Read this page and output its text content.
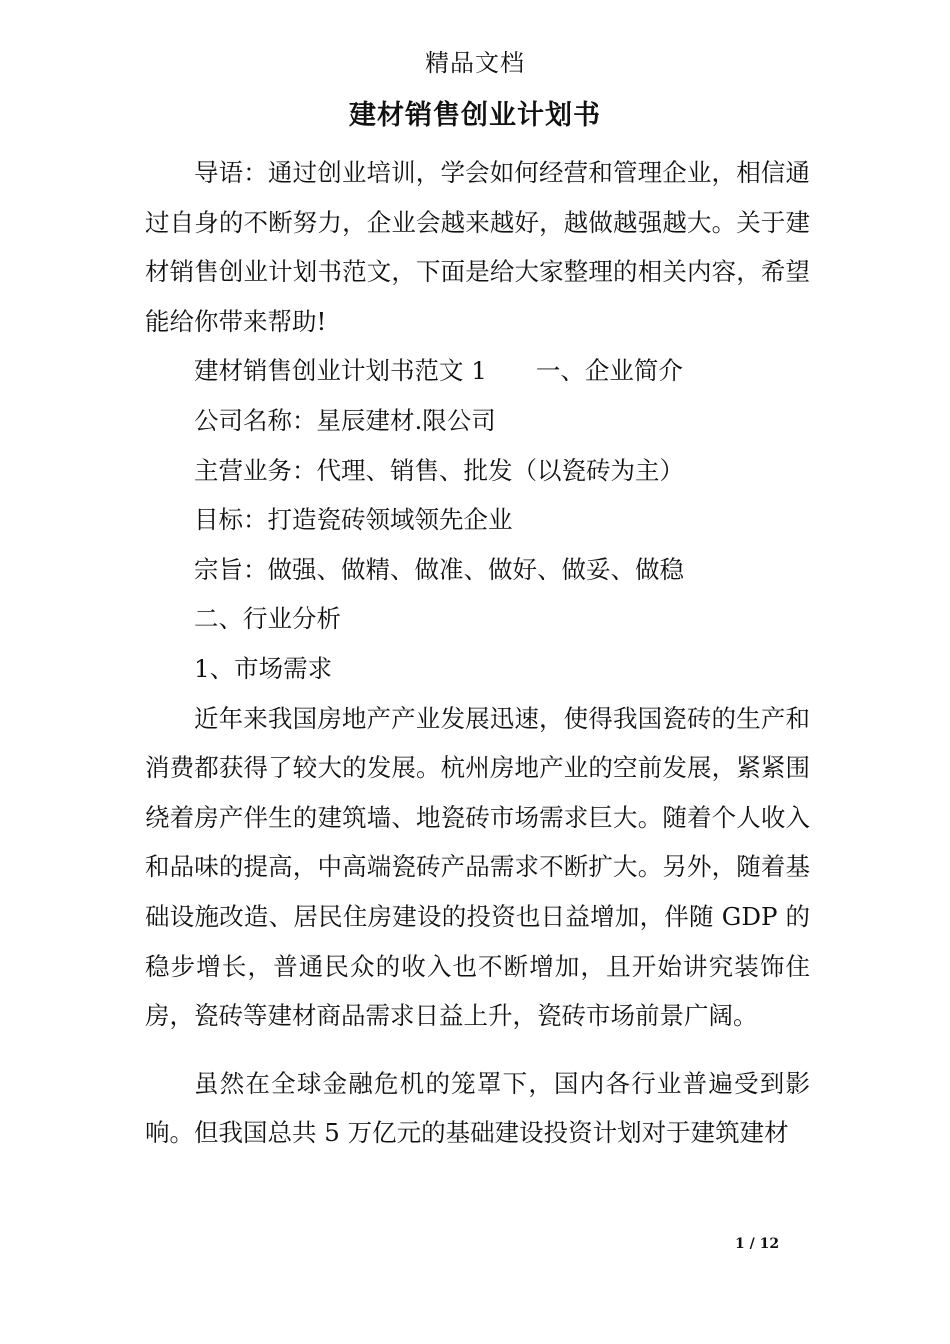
精品文档
建材销售创业计划书

导语：通过创业培训，学会如何经营和管理企业，相信通过自身的不断努力，企业会越来越好，越做越强越大。关于建材销售创业计划书范文，下面是给大家整理的相关内容，希望能给你带来帮助!

建材销售创业计划书范文 1　　一、企业简介

公司名称：星辰建材.限公司

主营业务：代理、销售、批发（以瓷砖为主）

目标：打造瓷砖领域领先企业

宗旨：做强、做精、做准、做好、做妥、做稳

二、行业分析

1、市场需求

近年来我国房地产产业发展迅速，使得我国瓷砖的生产和消费都获得了较大的发展。杭州房地产业的空前发展，紧紧围绕着房产伴生的建筑墙、地瓷砖市场需求巨大。随着个人收入和品味的提高，中高端瓷砖产品需求不断扩大。另外，随着基础设施改造、居民住房建设的投资也日益增加，伴随 GDP 的稳步增长，普通民众的收入也不断增加，且开始讲究装饰住房，瓷砖等建材商品需求日益上升，瓷砖市场前景广阔。

虽然在全球金融危机的笼罩下，国内各行业普遍受到影响。但我国总共 5 万亿元的基础建设投资计划对于建筑建材

1 / 12
